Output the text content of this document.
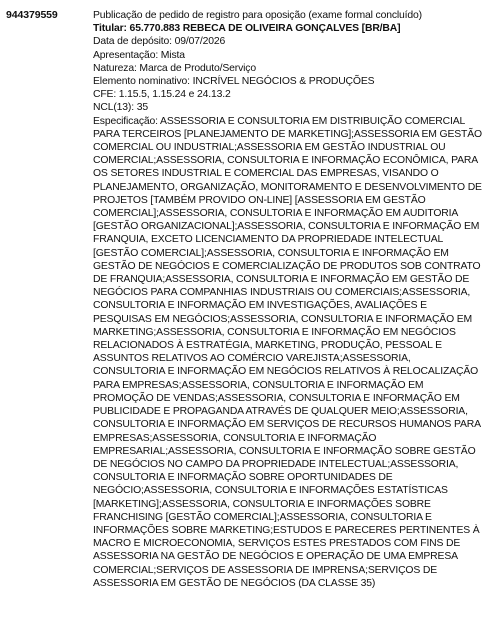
944379559	Publicação de pedido de registro para oposição (exame formal concluído)
Titular: 65.770.883 REBECA DE OLIVEIRA GONÇALVES [BR/BA]
Data de depósito: 09/07/2026
Apresentação: Mista
Natureza: Marca de Produto/Serviço
Elemento nominativo: INCRÍVEL NEGÓCIOS & PRODUÇÕES
CFE: 1.15.5, 1.15.24 e 24.13.2
NCL(13): 35
Especificação: ASSESSORIA E CONSULTORIA EM DISTRIBUIÇÃO COMERCIAL PARA TERCEIROS [PLANEJAMENTO DE MARKETING];ASSESSORIA EM GESTÃO COMERCIAL OU INDUSTRIAL;ASSESSORIA EM GESTÃO INDUSTRIAL OU COMERCIAL;ASSESSORIA, CONSULTORIA E INFORMAÇÃO ECONÔMICA, PARA OS SETORES INDUSTRIAL E COMERCIAL DAS EMPRESAS, VISANDO O PLANEJAMENTO, ORGANIZAÇÃO, MONITORAMENTO E DESENVOLVIMENTO DE PROJETOS [TAMBÉM PROVIDO ON-LINE] [ASSESSORIA EM GESTÃO COMERCIAL];ASSESSORIA, CONSULTORIA E INFORMAÇÃO EM AUDITORIA [GESTÃO ORGANIZACIONAL];ASSESSORIA, CONSULTORIA E INFORMAÇÃO EM FRANQUIA, EXCETO LICENCIAMENTO DA PROPRIEDADE INTELECTUAL [GESTÃO COMERCIAL];ASSESSORIA, CONSULTORIA E INFORMAÇÃO EM GESTÃO DE NEGÓCIOS E COMERCIALIZAÇÃO DE PRODUTOS SOB CONTRATO DE FRANQUIA;ASSESSORIA, CONSULTORIA E INFORMAÇÃO EM GESTÃO DE NEGÓCIOS PARA COMPANHIAS INDUSTRIAIS OU COMERCIAIS;ASSESSORIA, CONSULTORIA E INFORMAÇÃO EM INVESTIGAÇÕES, AVALIAÇÕES E PESQUISAS EM NEGÓCIOS;ASSESSORIA, CONSULTORIA E INFORMAÇÃO EM MARKETING;ASSESSORIA, CONSULTORIA E INFORMAÇÃO EM NEGÓCIOS RELACIONADOS À ESTRATÉGIA, MARKETING, PRODUÇÃO, PESSOAL E ASSUNTOS RELATIVOS AO COMÉRCIO VAREJISTA;ASSESSORIA, CONSULTORIA E INFORMAÇÃO EM NEGÓCIOS RELATIVOS À RELOCALIZAÇÃO PARA EMPRESAS;ASSESSORIA, CONSULTORIA E INFORMAÇÃO EM PROMOÇÃO DE VENDAS;ASSESSORIA, CONSULTORIA E INFORMAÇÃO EM PUBLICIDADE E PROPAGANDA ATRAVÉS DE QUALQUER MEIO;ASSESSORIA, CONSULTORIA E INFORMAÇÃO EM SERVIÇOS DE RECURSOS HUMANOS PARA EMPRESAS;ASSESSORIA, CONSULTORIA E INFORMAÇÃO EMPRESARIAL;ASSESSORIA, CONSULTORIA E INFORMAÇÃO SOBRE GESTÃO DE NEGÓCIOS NO CAMPO DA PROPRIEDADE INTELECTUAL;ASSESSORIA, CONSULTORIA E INFORMAÇÃO SOBRE OPORTUNIDADES DE NEGÓCIO;ASSESSORIA, CONSULTORIA E INFORMAÇÕES ESTATÍSTICAS [MARKETING];ASSESSORIA, CONSULTORIA E INFORMAÇÕES SOBRE FRANCHISING [GESTÃO COMERCIAL];ASSESSORIA, CONSULTORIA E INFORMAÇÕES SOBRE MARKETING;ESTUDOS E PARECERES PERTINENTES À MACRO E MICROECONOMIA, SERVIÇOS ESTES PRESTADOS COM FINS DE ASSESSORIA NA GESTÃO DE NEGÓCIOS E OPERAÇÃO DE UMA EMPRESA COMERCIAL;SERVIÇOS DE ASSESSORIA DE IMPRENSA;SERVIÇOS DE ASSESSORIA EM GESTÃO DE NEGÓCIOS (DA CLASSE 35)
